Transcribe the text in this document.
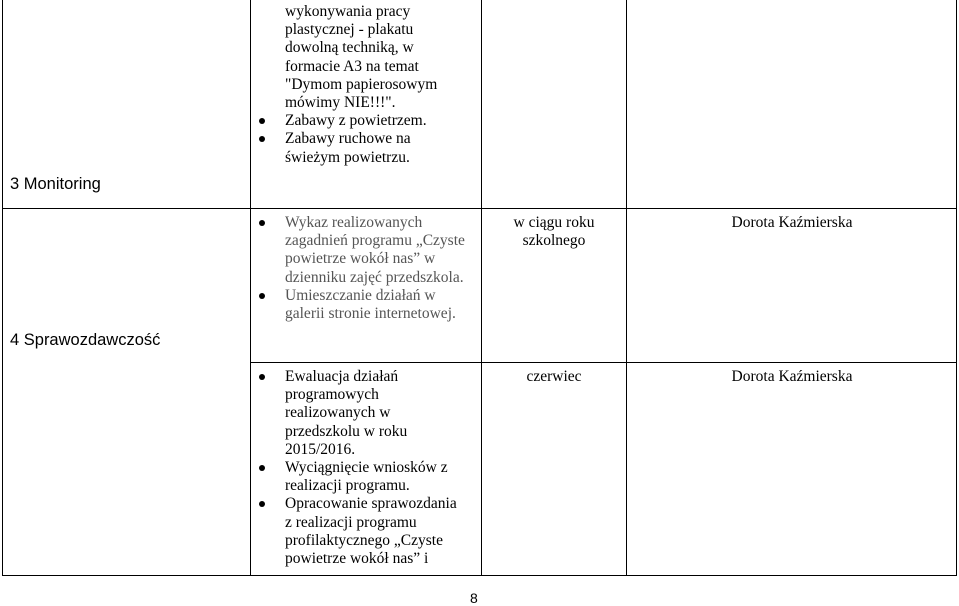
3 Monitoring
wykonywania pracy
plastycznej - plakatu
dowolną techniką, w
formacie A3 na temat
"Dymom papierosowym
mówimy NIE!!!".
Zabawy z powietrzem.
Zabawy ruchowe na
świeżym powietrzu.
4 Sprawozdawczość
Wykaz realizowanych
zagadnień programu „Czyste
powietrze wokół nas” w
dzienniku zajęć przedszkola.
Umieszczanie działań w
galerii stronie internetowej.
w ciągu roku
szkolnego
Dorota Kaźmierska
Ewaluacja działań
programowych
realizowanych w
przedszkolu w roku
2015/2016.
Wyciągnięcie wniosków z
realizacji programu.
Opracowanie sprawozdania
z realizacji programu
profilaktycznego „Czyste
powietrze wokół nas” i
czerwiec	Dorota Kaźmierska
8
